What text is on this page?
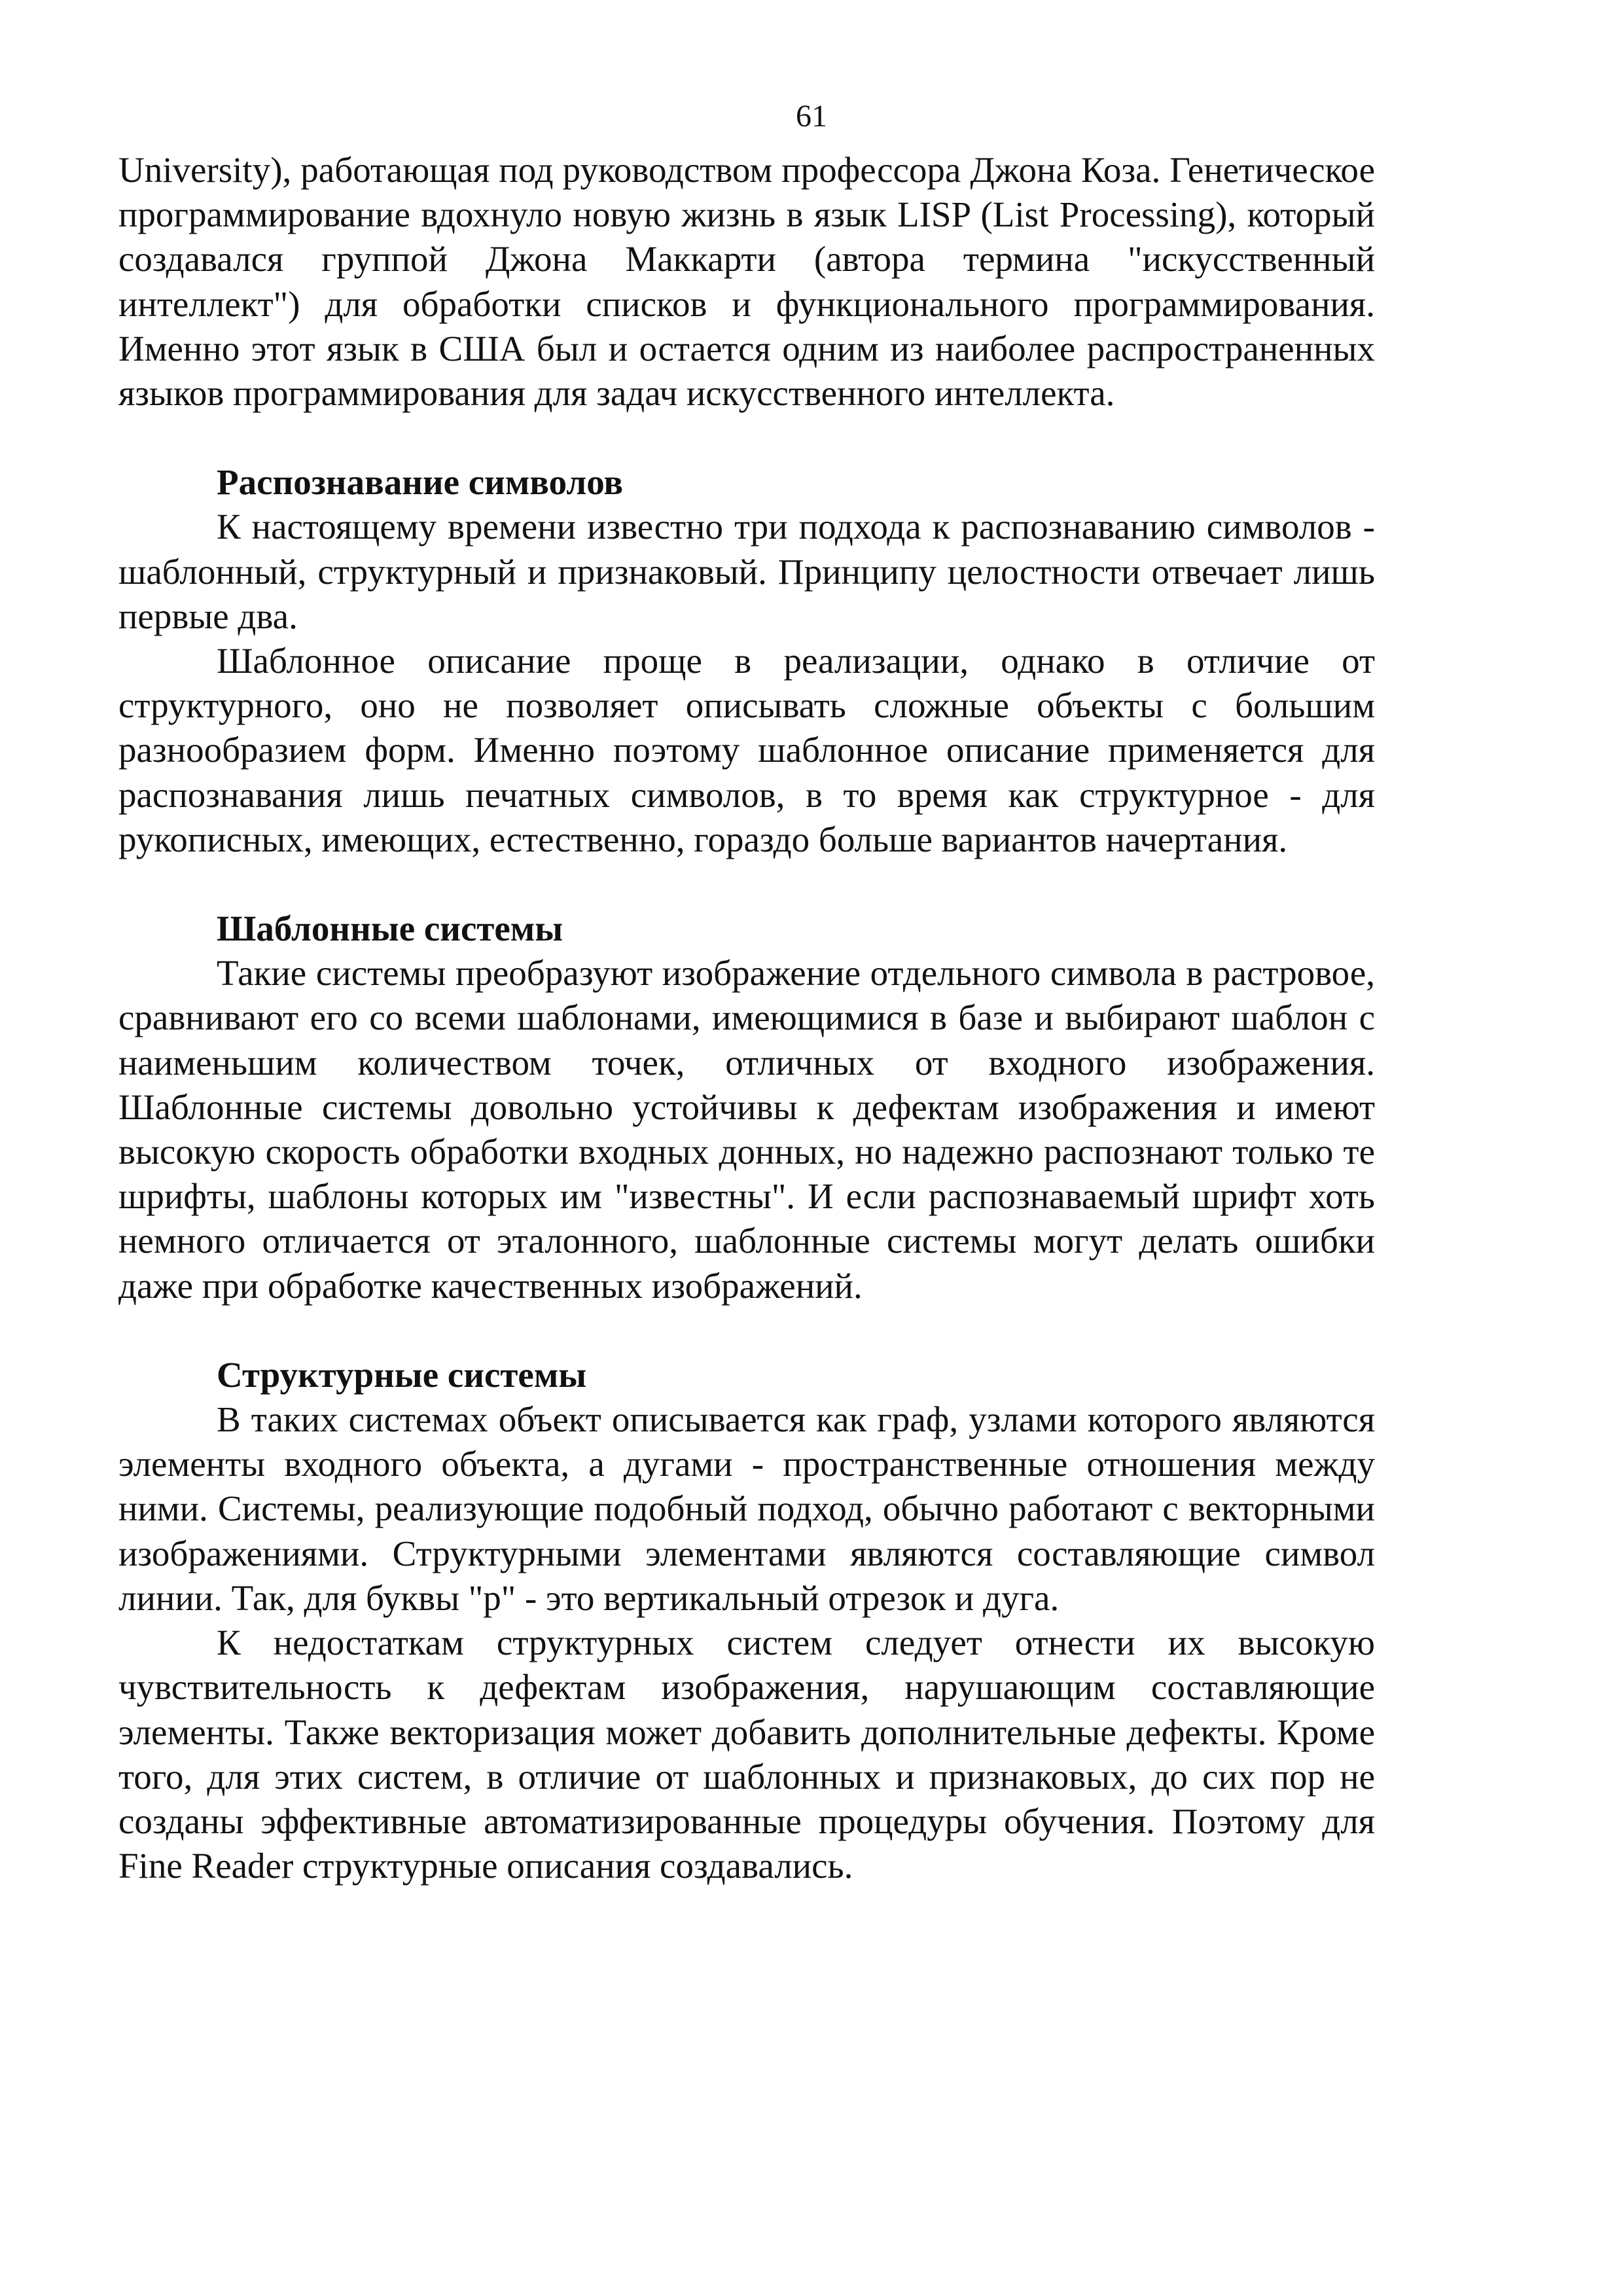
61

University), работающая под руководством профессора Джона Коза. Генетическое программирование вдохнуло новую жизнь в язык LISP (List Processing), который создавался группой Джона Маккарти (автора термина "искусственный интеллект") для обработки списков и функционального программирования. Именно этот язык в США был и остается одним из наиболее распространенных языков программирования для задач искусственного интеллекта.

Распознавание символов

К настоящему времени известно три подхода к распознаванию символов - шаблонный, структурный и признаковый. Принципу целостности отвечает лишь первые два.

Шаблонное описание проще в реализации, однако в отличие от структурного, оно не позволяет описывать сложные объекты с большим разнообразием форм. Именно поэтому шаблонное описание применяется для распознавания лишь печатных символов, в то время как структурное - для рукописных, имеющих, естественно, гораздо больше вариантов начертания.

Шаблонные системы

Такие системы преобразуют изображение отдельного символа в растровое, сравнивают его со всеми шаблонами, имеющимися в базе и выбирают шаблон с наименьшим количеством точек, отличных от входного изображения. Шаблонные системы довольно устойчивы к дефектам изображения и имеют высокую скорость обработки входных донных, но надежно распознают только те шрифты, шаблоны которых им "известны". И если распознаваемый шрифт хоть немного отличается от эталонного, шаблонные системы могут делать ошибки даже при обработке качественных изображений.

Структурные системы

В таких системах объект описывается как граф, узлами которого являются элементы входного объекта, а дугами - пространственные отношения между ними. Системы, реализующие подобный подход, обычно работают с векторными изображениями. Структурными элементами являются составляющие символ линии. Так, для буквы "р" - это вертикальный отрезок и дуга.

К недостаткам структурных систем следует отнести их высокую чувствительность к дефектам изображения, нарушающим составляющие элементы. Также векторизация может добавить дополнительные дефекты. Кроме того, для этих систем, в отличие от шаблонных и признаковых, до сих пор не созданы эффективные автоматизированные процедуры обучения. Поэтому для Fine Reader структурные описания создавались.
